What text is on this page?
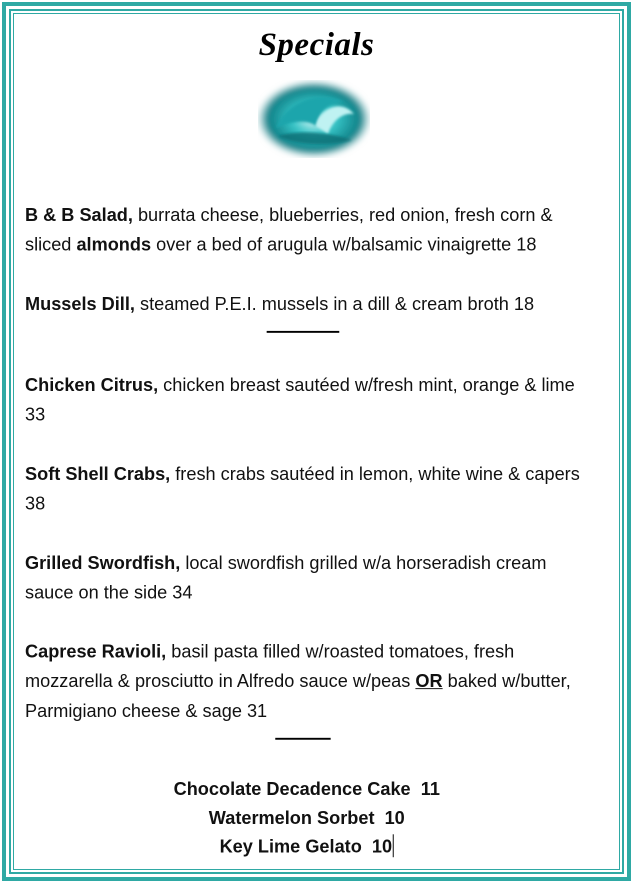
Specials

B & B Salad, burrata cheese, blueberries, red onion, fresh corn & sliced almonds over a bed of arugula w/balsamic vinaigrette 18

Mussels Dill, steamed P.E.I. mussels in a dill & cream broth 18

Chicken Citrus, chicken breast sautéed w/fresh mint, orange & lime 33

Soft Shell Crabs, fresh crabs sautéed in lemon, white wine & capers 38

Grilled Swordfish, local swordfish grilled w/a horseradish cream sauce on the side 34

Caprese Ravioli, basil pasta filled w/roasted tomatoes, fresh mozzarella & prosciutto in Alfredo sauce w/peas OR baked w/butter, Parmigiano cheese & sage 31

Chocolate Decadence Cake 11
Watermelon Sorbet 10
Key Lime Gelato 10
